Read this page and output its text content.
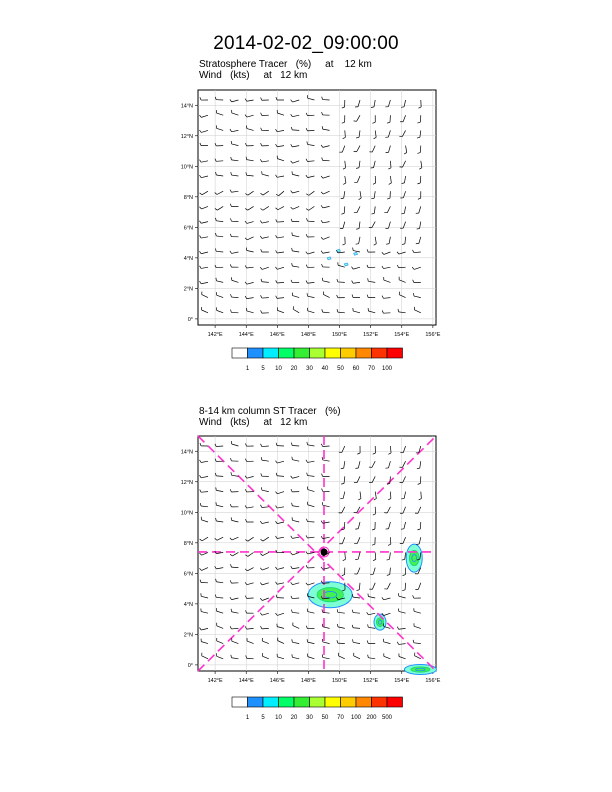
2014-02-02_09:00:00
Stratosphere Tracer   (%)     at    12 km
Wind   (kts)     at   12 km
8-14 km column ST Tracer   (%)
Wind   (kts)     at   12 km
0°
2°N
4°N
6°N
8°N
10°N
12°N
14°N
142°E	144°E	146°E	148°E	150°E	152°E	154°E	156°E
1 5 10 20 30 40 50 60 70 100
0°
2°N
4°N
6°N
8°N
10°N
12°N
14°N
142°E	144°E	146°E	148°E	150°E	152°E	154°E	156°E
1 5 10 20 30 50 70 100 200 500
